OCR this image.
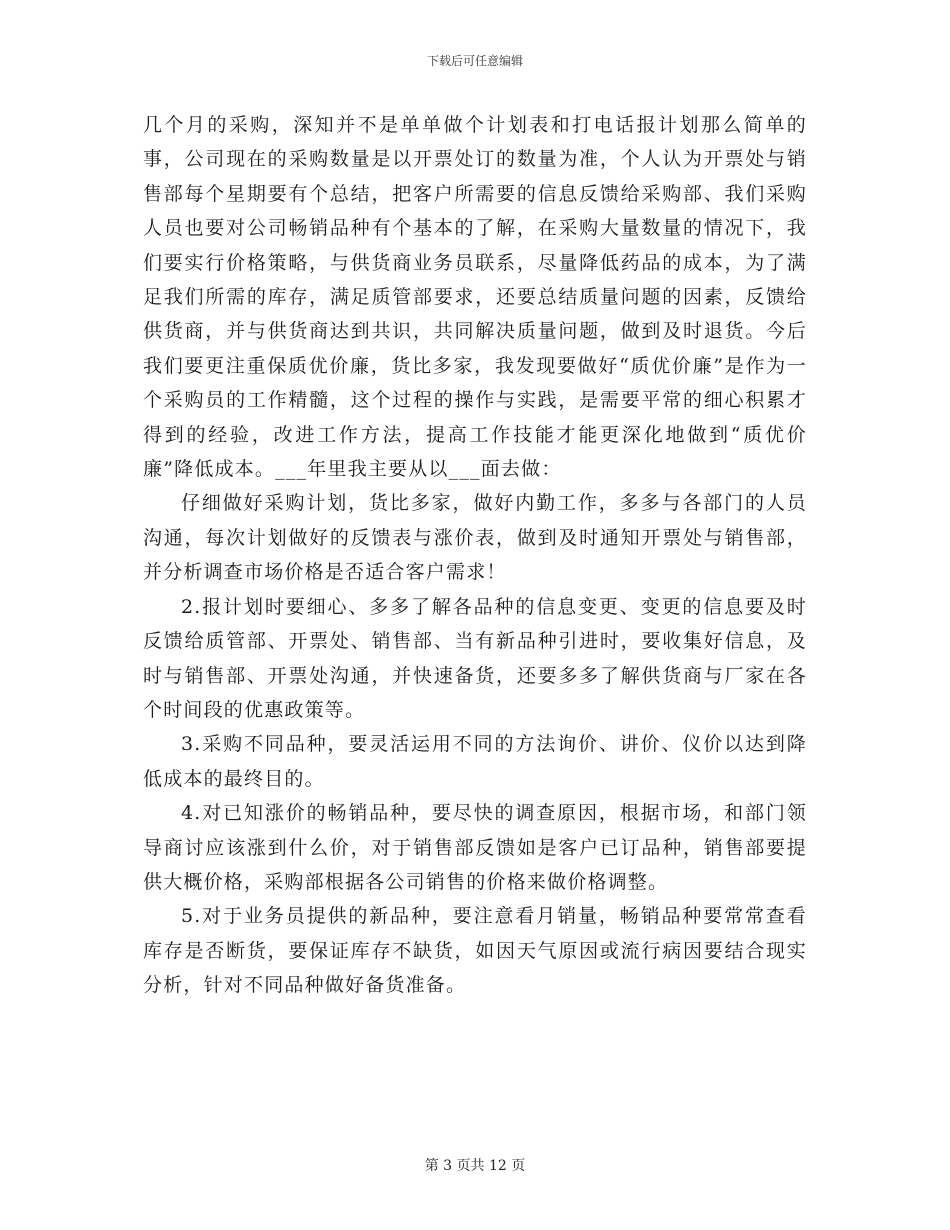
下载后可任意编辑

几个月的采购，深知并不是单单做个计划表和打电话报计划那么简单的事，公司现在的采购数量是以开票处订的数量为准，个人认为开票处与销售部每个星期要有个总结，把客户所需要的信息反馈给采购部、我们采购人员也要对公司畅销品种有个基本的了解，在采购大量数量的情况下，我们要实行价格策略，与供货商业务员联系，尽量降低药品的成本，为了满足我们所需的库存，满足质管部要求，还要总结质量问题的因素，反馈给供货商，并与供货商达到共识，共同解决质量问题，做到及时退货。今后我们要更注重保质优价廉，货比多家，我发现要做好“质优价廉”是作为一个采购员的工作精髓，这个过程的操作与实践，是需要平常的细心积累才得到的经验，改进工作方法，提高工作技能才能更深化地做到“质优价廉”降低成本。___年里我主要从以___面去做：

仔细做好采购计划，货比多家，做好内勤工作，多多与各部门的人员沟通，每次计划做好的反馈表与涨价表，做到及时通知开票处与销售部，并分析调查市场价格是否适合客户需求！

2.报计划时要细心、多多了解各品种的信息变更、变更的信息要及时反馈给质管部、开票处、销售部、当有新品种引进时，要收集好信息，及时与销售部、开票处沟通，并快速备货，还要多多了解供货商与厂家在各个时间段的优惠政策等。

3.采购不同品种，要灵活运用不同的方法询价、讲价、仪价以达到降低成本的最终目的。

4.对已知涨价的畅销品种，要尽快的调查原因，根据市场，和部门领导商讨应该涨到什么价，对于销售部反馈如是客户已订品种，销售部要提供大概价格，采购部根据各公司销售的价格来做价格调整。

5.对于业务员提供的新品种，要注意看月销量，畅销品种要常常查看库存是否断货，要保证库存不缺货，如因天气原因或流行病因要结合现实分析，针对不同品种做好备货准备。

第 3 页共 12 页
